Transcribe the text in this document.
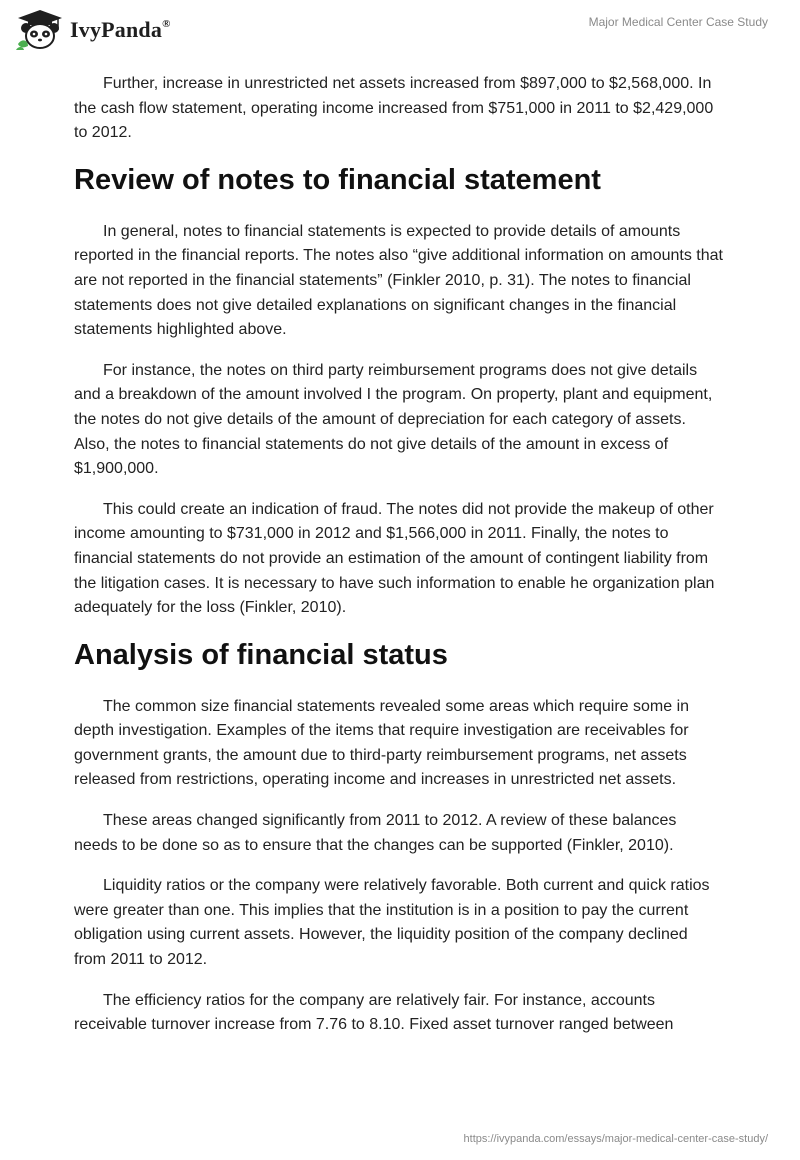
IvyPanda®	Major Medical Center Case Study

Further, increase in unrestricted net assets increased from $897,000 to $2,568,000. In the cash flow statement, operating income increased from $751,000 in 2011 to $2,429,000 to 2012.

Review of notes to financial statement

In general, notes to financial statements is expected to provide details of amounts reported in the financial reports. The notes also “give additional information on amounts that are not reported in the financial statements” (Finkler 2010, p. 31). The notes to financial statements does not give detailed explanations on significant changes in the financial statements highlighted above.

For instance, the notes on third party reimbursement programs does not give details and a breakdown of the amount involved I the program. On property, plant and equipment, the notes do not give details of the amount of depreciation for each category of assets. Also, the notes to financial statements do not give details of the amount in excess of $1,900,000.

This could create an indication of fraud. The notes did not provide the makeup of other income amounting to $731,000 in 2012 and $1,566,000 in 2011. Finally, the notes to financial statements do not provide an estimation of the amount of contingent liability from the litigation cases. It is necessary to have such information to enable he organization plan adequately for the loss (Finkler, 2010).

Analysis of financial status

The common size financial statements revealed some areas which require some in depth investigation. Examples of the items that require investigation are receivables for government grants, the amount due to third-party reimbursement programs, net assets released from restrictions, operating income and increases in unrestricted net assets.

These areas changed significantly from 2011 to 2012. A review of these balances needs to be done so as to ensure that the changes can be supported (Finkler, 2010).

Liquidity ratios or the company were relatively favorable. Both current and quick ratios were greater than one. This implies that the institution is in a position to pay the current obligation using current assets. However, the liquidity position of the company declined from 2011 to 2012.

The efficiency ratios for the company are relatively fair. For instance, accounts receivable turnover increase from 7.76 to 8.10. Fixed asset turnover ranged between

https://ivypanda.com/essays/major-medical-center-case-study/
